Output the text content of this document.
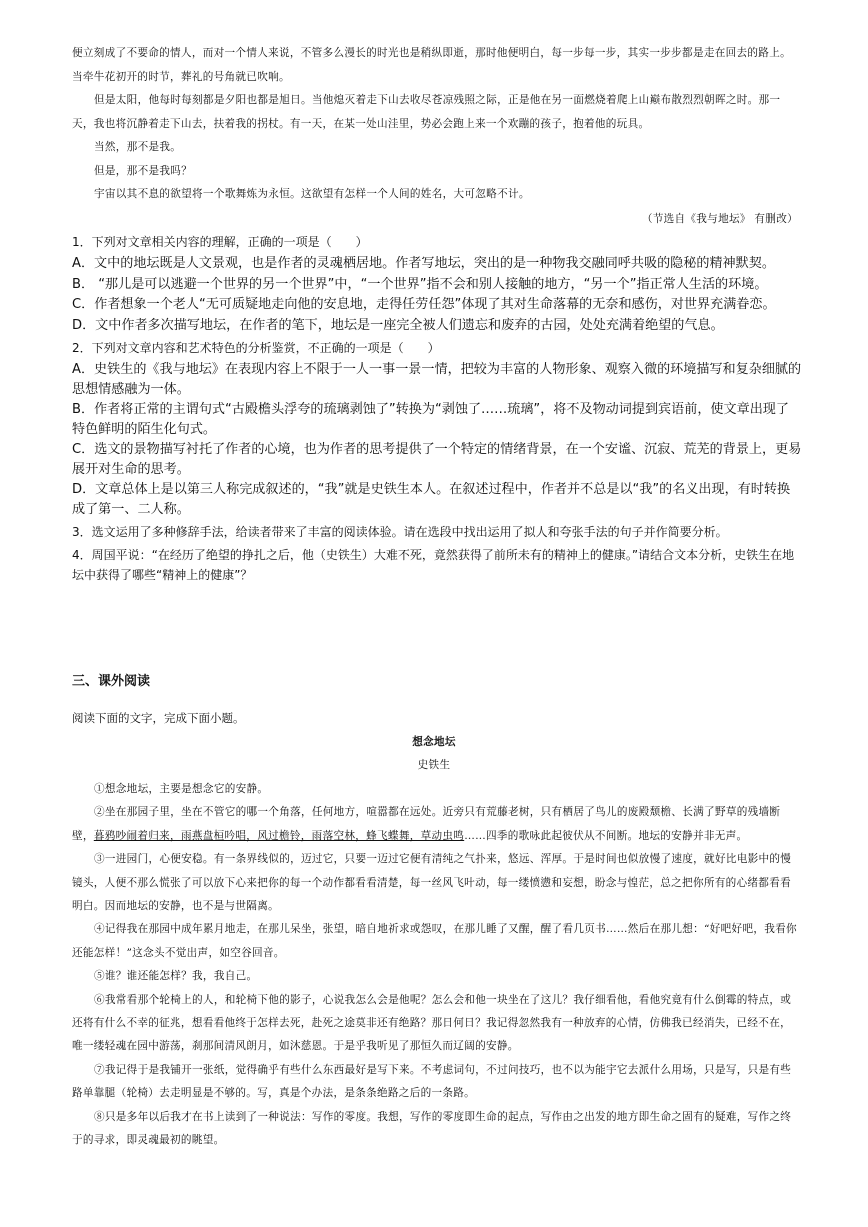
便立刻成了不要命的情人，而对一个情人来说，不管多么漫长的时光也是稍纵即逝，那时他便明白，每一步每一步，其实一步步都是走在回去的路上。当牵牛花初开的时节，葬礼的号角就已吹响。

但是太阳，他每时每刻都是夕阳也都是旭日。当他熄灭着走下山去收尽苍凉残照之际，正是他在另一面燃烧着爬上山巅布散烈烈朝晖之时。那一天，我也将沉静着走下山去，扶着我的拐杖。有一天，在某一处山洼里，势必会跑上来一个欢蹦的孩子，抱着他的玩具。

当然，那不是我。

但是，那不是我吗？

宇宙以其不息的欲望将一个歌舞炼为永恒。这欲望有怎样一个人间的姓名，大可忽略不计。

（节选自《我与地坛》 有删改）

1．下列对文章相关内容的理解，正确的一项是（　　）

A．文中的地坛既是人文景观，也是作者的灵魂栖居地。作者写地坛，突出的是一种物我交融同呼共吸的隐秘的精神默契。

B． “那儿是可以逃避一个世界的另一个世界”中，“一个世界”指不会和别人接触的地方，“另一个”指正常人生活的环境。

C．作者想象一个老人“无可质疑地走向他的安息地，走得任劳任怨”体现了其对生命落幕的无奈和感伤，对世界充满眷恋。

D．文中作者多次描写地坛，在作者的笔下，地坛是一座完全被人们遗忘和废弃的古园，处处充满着绝望的气息。

2．下列对文章内容和艺术特色的分析鉴赏，不正确的一项是（　　）

A．史铁生的《我与地坛》在表现内容上不限于一人一事一景一情，把较为丰富的人物形象、观察入微的环境描写和复杂细腻的思想情感融为一体。

B．作者将正常的主谓句式“古殿檐头浮夸的琉璃剥蚀了”转换为“剥蚀了……琉璃”，将不及物动词提到宾语前，使文章出现了特色鲜明的陌生化句式。

C．选文的景物描写衬托了作者的心境，也为作者的思考提供了一个特定的情绪背景，在一个安谧、沉寂、荒芜的背景上，更易展开对生命的思考。

D．文章总体上是以第三人称完成叙述的，“我”就是史铁生本人。在叙述过程中，作者并不总是以“我”的名义出现，有时转换成了第一、二人称。

3．选文运用了多种修辞手法，给读者带来了丰富的阅读体验。请在选段中找出运用了拟人和夸张手法的句子并作简要分析。

4．周国平说：“在经历了绝望的挣扎之后，他（史铁生）大难不死，竟然获得了前所未有的精神上的健康。”请结合文本分析，史铁生在地坛中获得了哪些“精神上的健康”？

三、课外阅读
阅读下面的文字，完成下面小题。
想念地坛
史铁生

①想念地坛，主要是想念它的安静。

②坐在那园子里，坐在不管它的哪一个角落，任何地方，喧嚣都在远处。近旁只有荒藤老树，只有栖居了鸟儿的废殿颓檐、长满了野草的残墙断壁，暮鸦吵闹着归来，雨燕盘桓吟唱，风过檐铃，雨落空林，蜂飞蝶舞，草动虫鸣……四季的歌咏此起彼伏从不间断。地坛的安静并非无声。

③一进园门，心便安稳。有一条界线似的，迈过它，只要一迈过它便有清纯之气扑来，悠远、浑厚。于是时间也似放慢了速度，就好比电影中的慢镜头，人便不那么慌张了可以放下心来把你的每一个动作都看看清楚，每一丝风飞叶动，每一缕愤懑和妄想，盼念与惶茫，总之把你所有的心绪都看看明白。因而地坛的安静，也不是与世隔离。

④记得我在那园中成年累月地走，在那儿呆坐，张望，暗自地祈求或怨叹，在那儿睡了又醒，醒了看几页书……然后在那儿想：“好吧好吧，我看你还能怎样！”这念头不觉出声，如空谷回音。

⑤谁？谁还能怎样？我，我自己。

⑥我常看那个轮椅上的人，和轮椅下他的影子，心说我怎么会是他呢？怎么会和他一块坐在了这儿？我仔细看他，看他究竟有什么倒霉的特点，或还将有什么不幸的征兆，想看看他终于怎样去死，赴死之途莫非还有绝路？那日何日？我记得忽然我有一种放弃的心情，仿佛我已经消失，已经不在，唯一缕轻魂在园中游荡，刹那间清风朗月，如沐慈恩。于是乎我听见了那恒久而辽阔的安静。

⑦我记得于是我铺开一张纸，觉得确乎有些什么东西最好是写下来。不考虑词句，不过问技巧，也不以为能宇它去派什么用场，只是写，只是有些路单靠腿（轮椅）去走明显是不够的。写，真是个办法，是条条绝路之后的一条路。

⑧只是多年以后我才在书上读到了一种说法：写作的零度。我想，写作的零度即生命的起点，写作由之出发的地方即生命之固有的疑难，写作之终于的寻求，即灵魂最初的眺望。
